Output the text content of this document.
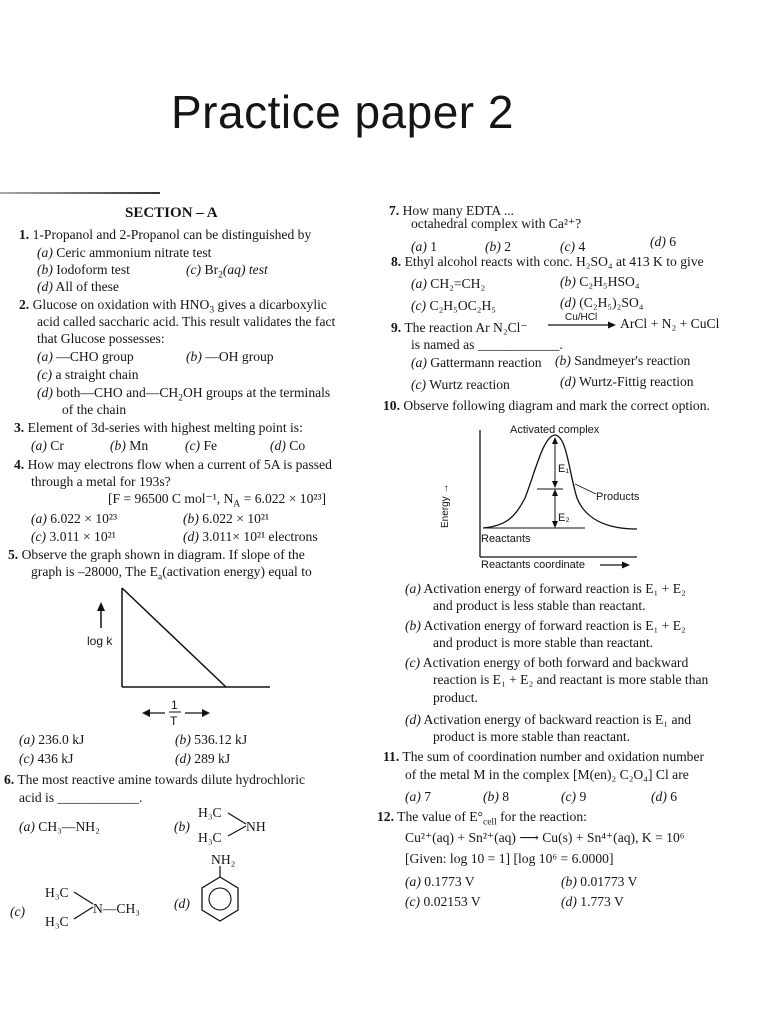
Practice paper 2
SECTION – A
1. 1-Propanol and 2-Propanol can be distinguished by
(a) Ceric ammonium nitrate test
(b) Iodoform test	(c) $Br_2(aq)$ test
(d) All of these
2. Glucose on oxidation with $HNO_3$ gives a dicarboxylic
acid called saccharic acid. This result validates the fact
that Glucose possesses:
(a) —CHO group	(b) —OH group
(c) a straight chain
(d) both—CHO $and—CH_2OH$ groups at the terminals
of the chain
3. Element of 3d-series with highest melting point is:
(a) Cr	(b) Mn	(c) Fe	(d) Co
4. How may electrons flow when a current of 5A is passed
through a metal for 193s?
[F = 96500 C mol⁻¹, $N_A = 6.022 \times 10^{23}$]
(a) 6.022 × 10²³	(b) 6.022 × 10²¹
(c) 3.011 × 10²¹	(d) 3.011× 10²¹ electrons
5. Observe the graph shown in diagram. If slope of the
graph is –28000, The $E_a(activation$ energy) equal to
log k
1
T
(a) 236.0 kJ	(b) 536.12 kJ
(c) 436 kJ	(d) 289 kJ
6. The most reactive amine towards dilute hydrochloric
acid is ____________.
(a) CH₃—NH₂	(b)
H₃C
H₃C
NH
(c)
H₃C
H₃C
N—CH₃ (d)
NH₂
7. How many EDTA ...
octahedral complex with Ca²⁺?
(a) 1	(b) 2	(c) 4	(d) 6
8. Ethyl alcohol reacts with conc. H₂SO₄ at 413 K to give
(a) CH₂=CH₂	(b) C₂H₅HSO₄
(c) C₂H₅OC₂H₅	(d) (C₂H₅)₂SO₄
9. The reaction Ar N₂Cl⁻
Cu/HCl ArCl + N₂ + CuCl
is named as ____________.
(a) Gattermann reaction (b) Sandmeyer's reaction
(c) Wurtz reaction	(d) Wurtz-Fittig reaction
10. Observe following diagram and mark the correct option.
Activated complex
E₁
E₂
Products
Reactants
Energy →
Reactants coordinate
(a) Activation energy of forward reaction is E₁ + E₂
and product is less stable than reactant.
(b) Activation energy of forward reaction is E₁ + E₂
and product is more stable than reactant.
(c) Activation energy of both forward and backward
reaction is E₁ + E₂ and reactant is more stable than
product.
(d) Activation energy of backward reaction is E₁ and
product is more stable than reactant.
11. The sum of coordination number and oxidation number
of the metal M in the complex [M(en)₂ C₂O₄] Cl are
(a) 7	(b) 8	(c) 9	(d) 6
12. The value of $E^\circ_{cell}$ for the reaction:
Cu²⁺(aq) + Sn²⁺(aq) ⟶ Cu(s) + Sn⁴⁺(aq), K = 10⁶
[Given: log 10 = 1] [log 10⁶ = 6.0000]
(a) 0.1773 V	(b) 0.01773 V
(c) 0.02153 V	(d) 1.773 V
